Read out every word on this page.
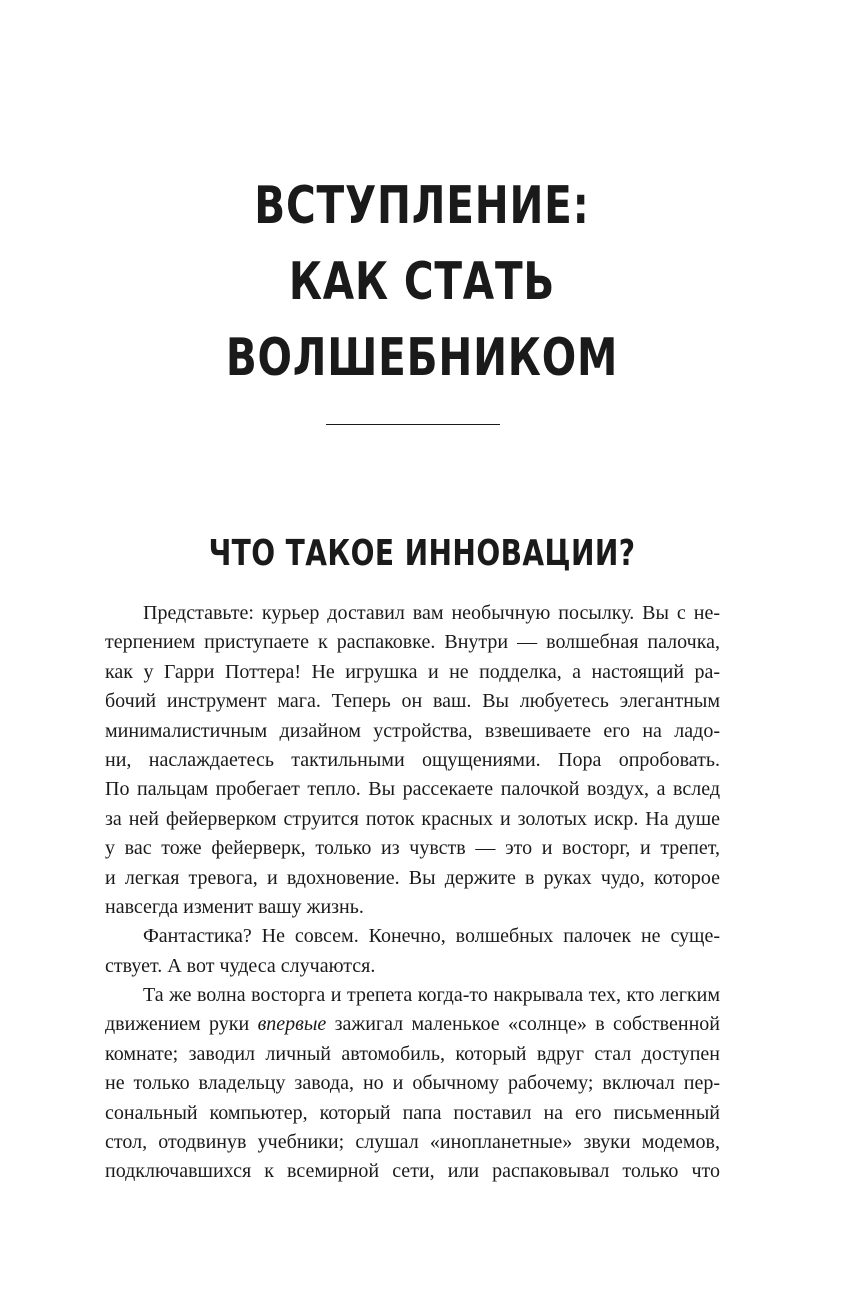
ВСТУПЛЕНИЕ:
КАК СТАТЬ
ВОЛШЕБНИКОМ
ЧТО ТАКОЕ ИННОВАЦИИ?
Представьте: курьер доставил вам необычную посылку. Вы с не-
терпением приступаете к распаковке. Внутри — волшебная палочка,
как у Гарри Поттера! Не игрушка и не подделка, а настоящий ра-
бочий инструмент мага. Теперь он ваш. Вы любуетесь элегантным
минималистичным дизайном устройства, взвешиваете его на ладо-
ни, наслаждаетесь тактильными ощущениями. Пора опробовать.
По пальцам пробегает тепло. Вы рассекаете палочкой воздух, а вслед
за ней фейерверком струится поток красных и золотых искр. На душе
у вас тоже фейерверк, только из чувств — это и восторг, и трепет,
и легкая тревога, и вдохновение. Вы держите в руках чудо, которое
навсегда изменит вашу жизнь.
Фантастика? Не совсем. Конечно, волшебных палочек не суще-
ствует. А вот чудеса случаются.
Та же волна восторга и трепета когда-то накрывала тех, кто легким
движением руки впервые зажигал маленькое «солнце» в собственной
комнате; заводил личный автомобиль, который вдруг стал доступен
не только владельцу завода, но и обычному рабочему; включал пер-
сональный компьютер, который папа поставил на его письменный
стол, отодвинув учебники; слушал «инопланетные» звуки модемов,
подключавшихся к всемирной сети, или распаковывал только что
